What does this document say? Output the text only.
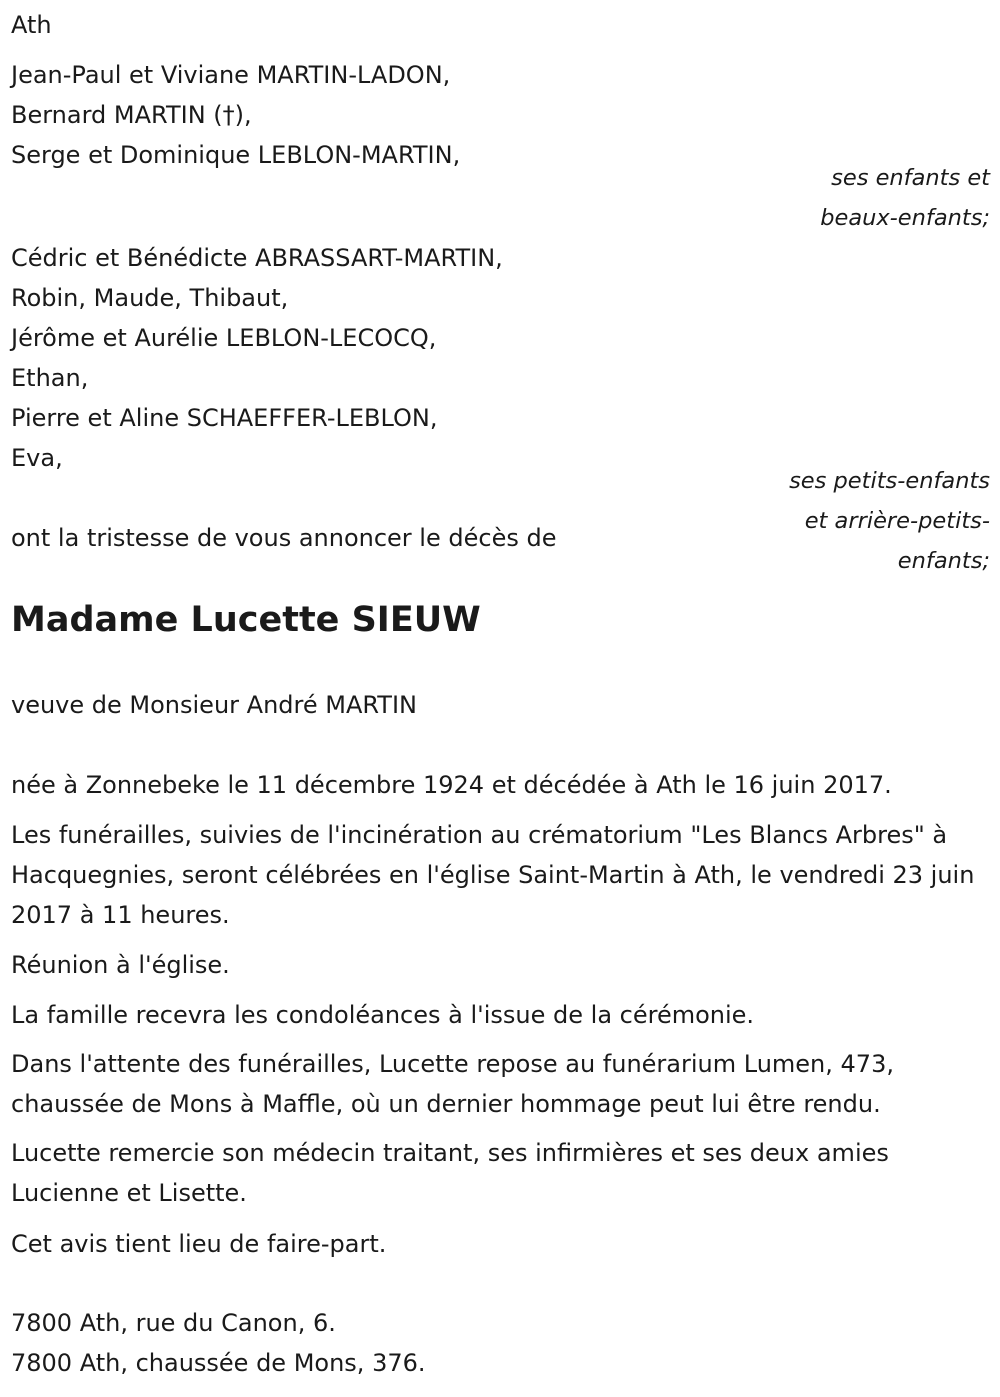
Ath
Jean-Paul et Viviane MARTIN-LADON,
Bernard MARTIN (†),
Serge et Dominique LEBLON-MARTIN,
ses enfants et
beaux-enfants;
Cédric et Bénédicte ABRASSART-MARTIN,
Robin, Maude, Thibaut,
Jérôme et Aurélie LEBLON-LECOCQ,
Ethan,
Pierre et Aline SCHAEFFER-LEBLON,
Eva,
ses petits-enfants
et arrière-petits-
enfants;
ont la tristesse de vous annoncer le décès de
Madame Lucette SIEUW
veuve de Monsieur André MARTIN
née à Zonnebeke le 11 décembre 1924 et décédée à Ath le 16 juin 2017.
Les funérailles, suivies de l'incinération au crématorium "Les Blancs Arbres" à Hacquegnies, seront célébrées en l'église Saint-Martin à Ath, le vendredi 23 juin 2017 à 11 heures.
Réunion à l'église.
La famille recevra les condoléances à l'issue de la cérémonie.
Dans l'attente des funérailles, Lucette repose au funérarium Lumen, 473, chaussée de Mons à Maffle, où un dernier hommage peut lui être rendu.
Lucette remercie son médecin traitant, ses infirmières et ses deux amies Lucienne et Lisette.
Cet avis tient lieu de faire-part.
7800 Ath, rue du Canon, 6.
7800 Ath, chaussée de Mons, 376.
